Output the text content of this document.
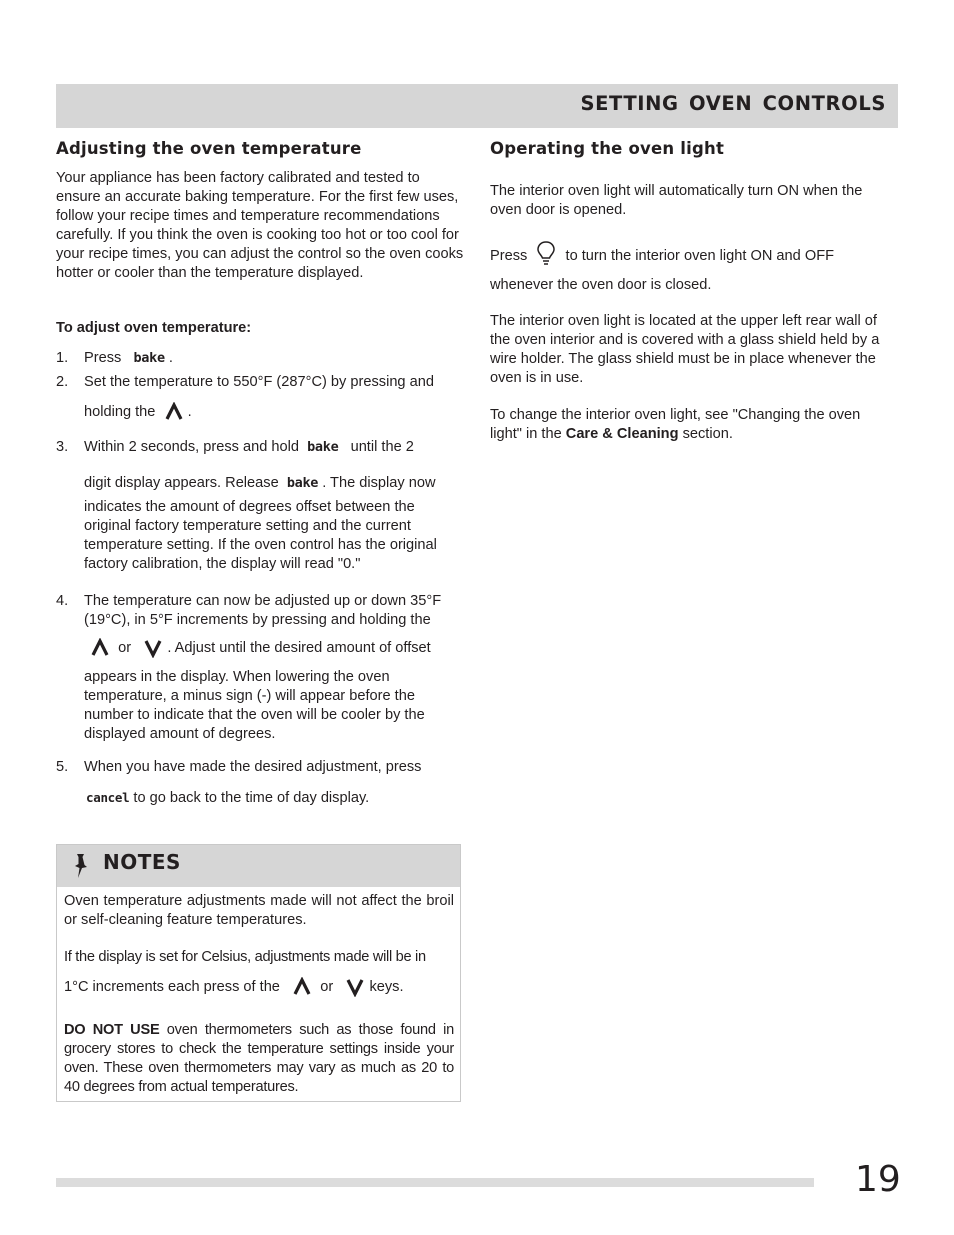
SETTING OVEN CONTROLS
Adjusting the oven temperature

Your appliance has been factory calibrated and tested to ensure an accurate baking temperature. For the first few uses, follow your recipe times and temperature recommendations carefully. If you think the oven is cooking too hot or too cool for your recipe times, you can adjust the control so the oven cooks hotter or cooler than the temperature displayed.

To adjust oven temperature:

1. Press bake .
2. Set the temperature to 550°F (287°C) by pressing and
holding the .
3. Within 2 seconds, press and hold bake until the 2
digit display appears. Release bake . The display now
indicates the amount of degrees offset between the original factory temperature setting and the current temperature setting. If the oven control has the original factory calibration, the display will read "0."
4. The temperature can now be adjusted up or down 35°F (19°C), in 5°F increments by pressing and holding the
or . Adjust until the desired amount of offset
appears in the display. When lowering the oven temperature, a minus sign (-) will appear before the number to indicate that the oven will be cooler by the displayed amount of degrees.
5. When you have made the desired adjustment, press
cancel to go back to the time of day display.
NOTES

Oven temperature adjustments made will not affect the broil or self-cleaning feature temperatures.

If the display is set for Celsius, adjustments made will be in

1°C increments each press of the	or keys.

DO NOT USE oven thermometers such as those found in grocery stores to check the temperature settings inside your oven. These oven thermometers may vary as much as 20 to 40 degrees from actual temperatures.

Operating the oven light

The interior oven light will automatically turn ON when the oven door is opened.

Press	to turn the interior oven light ON and OFF
whenever the oven door is closed.

The interior oven light is located at the upper left rear wall of the oven interior and is covered with a glass shield held by a wire holder. The glass shield must be in place whenever the oven is in use.

To change the interior oven light, see "Changing the oven light" in the Care & Cleaning section.

19
